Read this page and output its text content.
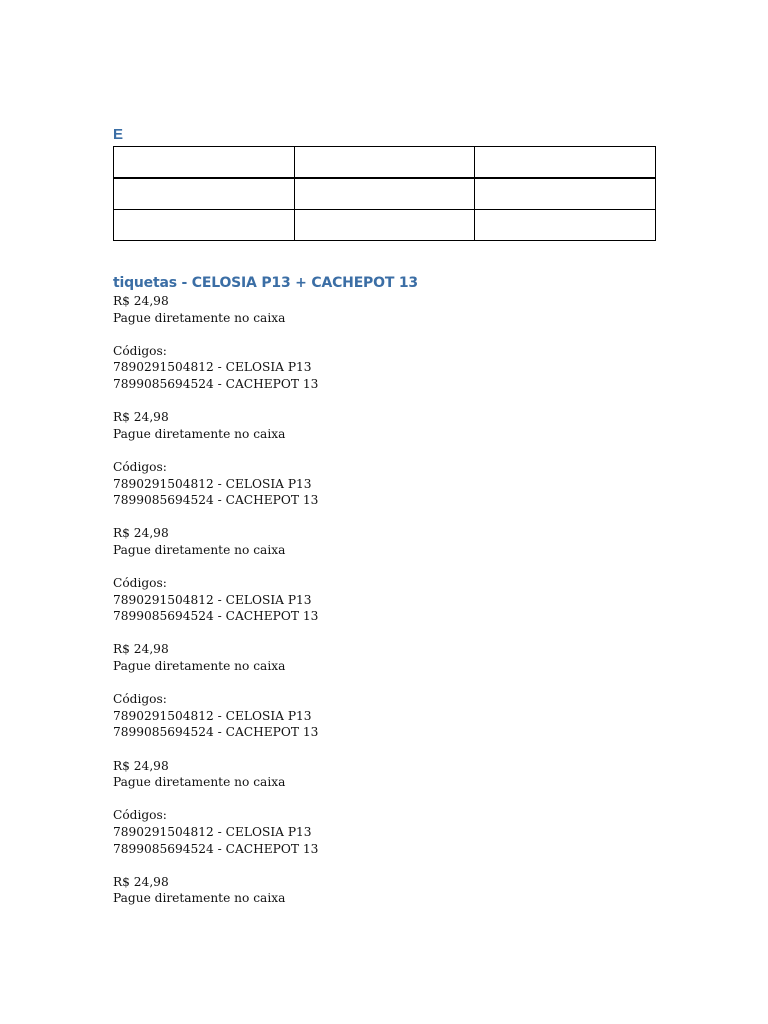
E

tiquetas - CELOSIA P13 + CACHEPOT 13
R$ 24,98
Pague diretamente no caixa
Códigos:
7890291504812 - CELOSIA P13
7899085694524 - CACHEPOT 13
R$ 24,98
Pague diretamente no caixa
Códigos:
7890291504812 - CELOSIA P13
7899085694524 - CACHEPOT 13
R$ 24,98
Pague diretamente no caixa
Códigos:
7890291504812 - CELOSIA P13
7899085694524 - CACHEPOT 13
R$ 24,98
Pague diretamente no caixa
Códigos:
7890291504812 - CELOSIA P13
7899085694524 - CACHEPOT 13
R$ 24,98
Pague diretamente no caixa
Códigos:
7890291504812 - CELOSIA P13
7899085694524 - CACHEPOT 13
R$ 24,98
Pague diretamente no caixa
